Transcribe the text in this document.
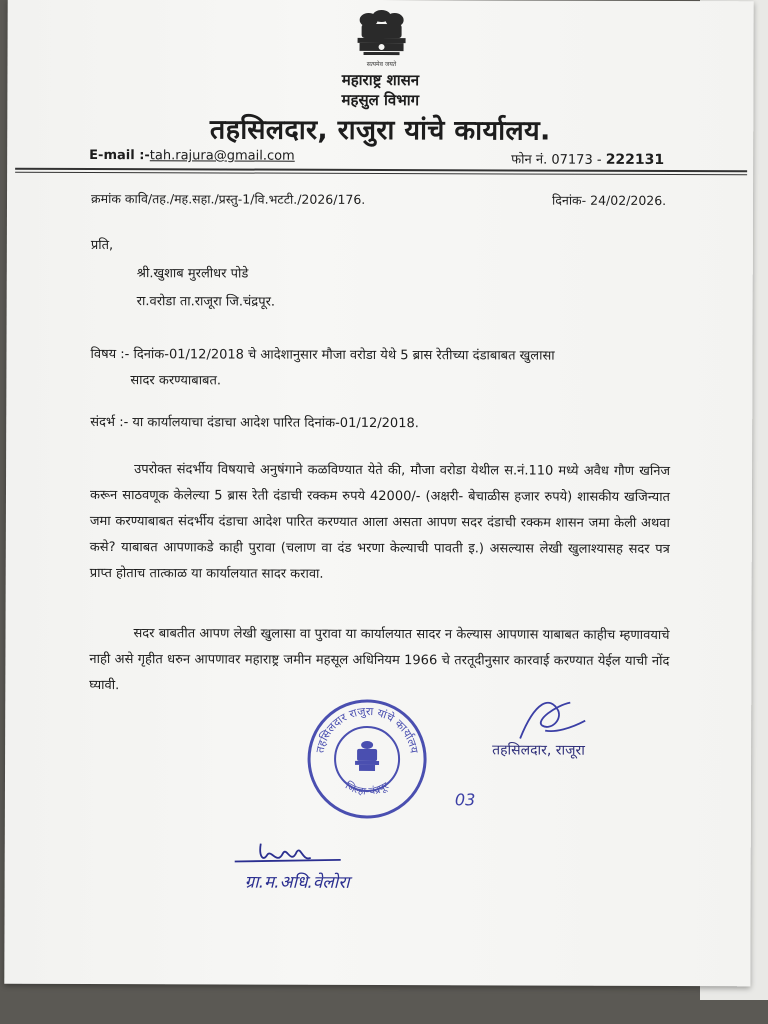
सत्यमेव जयते
महाराष्ट्र शासन
महसुल विभाग
तहसिलदार, राजुरा यांचे कार्यालय.
E-mail :-tah.rajura@gmail.com	फोन नं. 07173 - 222131
क्रमांक कावि/तह./मह.सहा./प्रस्तु-1/वि.भटटी./2026/176.	दिनांक- 24/02/2026.
प्रति,
श्री.खुशाब मुरलीधर पोडे
रा.वरोडा ता.राजूरा जि.चंद्रपूर.
विषय :- दिनांक-01/12/2018 चे आदेशानुसार मौजा वरोडा येथे 5 ब्रास रेतीच्या दंडाबाबत खुलासा
सादर करण्याबाबत.
संदर्भ :- या कार्यालयाचा दंडाचा आदेश पारित दिनांक-01/12/2018.
उपरोक्त संदर्भीय विषयाचे अनुषंगाने कळविण्यात येते की, मौजा वरोडा येथील स.नं.110 मध्ये अवैध गौण खनिज करून साठवणूक केलेल्या 5 ब्रास रेती दंडाची रक्कम रुपये 42000/- (अक्षरी- बेचाळीस हजार रुपये) शासकीय खजिन्यात जमा करण्याबाबत संदर्भीय दंडाचा आदेश पारित करण्यात आला असता आपण सदर दंडाची रक्कम शासन जमा केली अथवा कसे? याबाबत आपणाकडे काही पुरावा (चलाण वा दंड भरणा केल्याची पावती इ.) असल्यास लेखी खुलाश्यासह सदर पत्र प्राप्त होताच तात्काळ या कार्यालयात सादर करावा.
सदर बाबतीत आपण लेखी खुलासा वा पुरावा या कार्यालयात सादर न केल्यास आपणास याबाबत काहीच म्हणावयाचे नाही असे गृहीत धरुन आपणावर महाराष्ट्र जमीन महसूल अधिनियम 1966 चे तरतूदीनुसार कारवाई करण्यात येईल याची नोंद घ्यावी.
तहसिलदार राजुरा यांचे कार्यालय
जिल्हा-चंद्रपूर
तहसिलदार, राजूरा
03
ग्रा.म.अधि.वेलोरा
